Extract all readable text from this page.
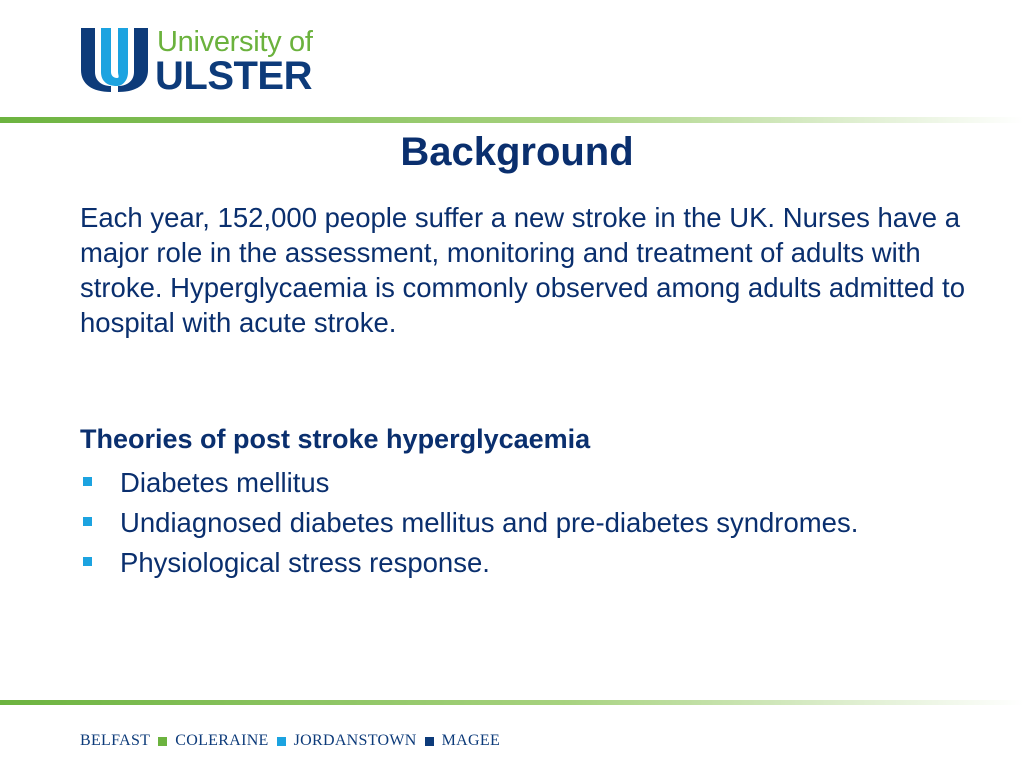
University of
ULSTER
Background
Each year, 152,000 people suffer a new stroke in the UK. Nurses have a major role in the assessment, monitoring and treatment of adults with stroke. Hyperglycaemia is commonly observed among adults admitted to hospital with acute stroke.
Theories of post stroke hyperglycaemia
Diabetes mellitus
Undiagnosed diabetes mellitus and pre-diabetes syndromes.
Physiological stress response.
BELFAST COLERAINE JORDANSTOWN MAGEE
